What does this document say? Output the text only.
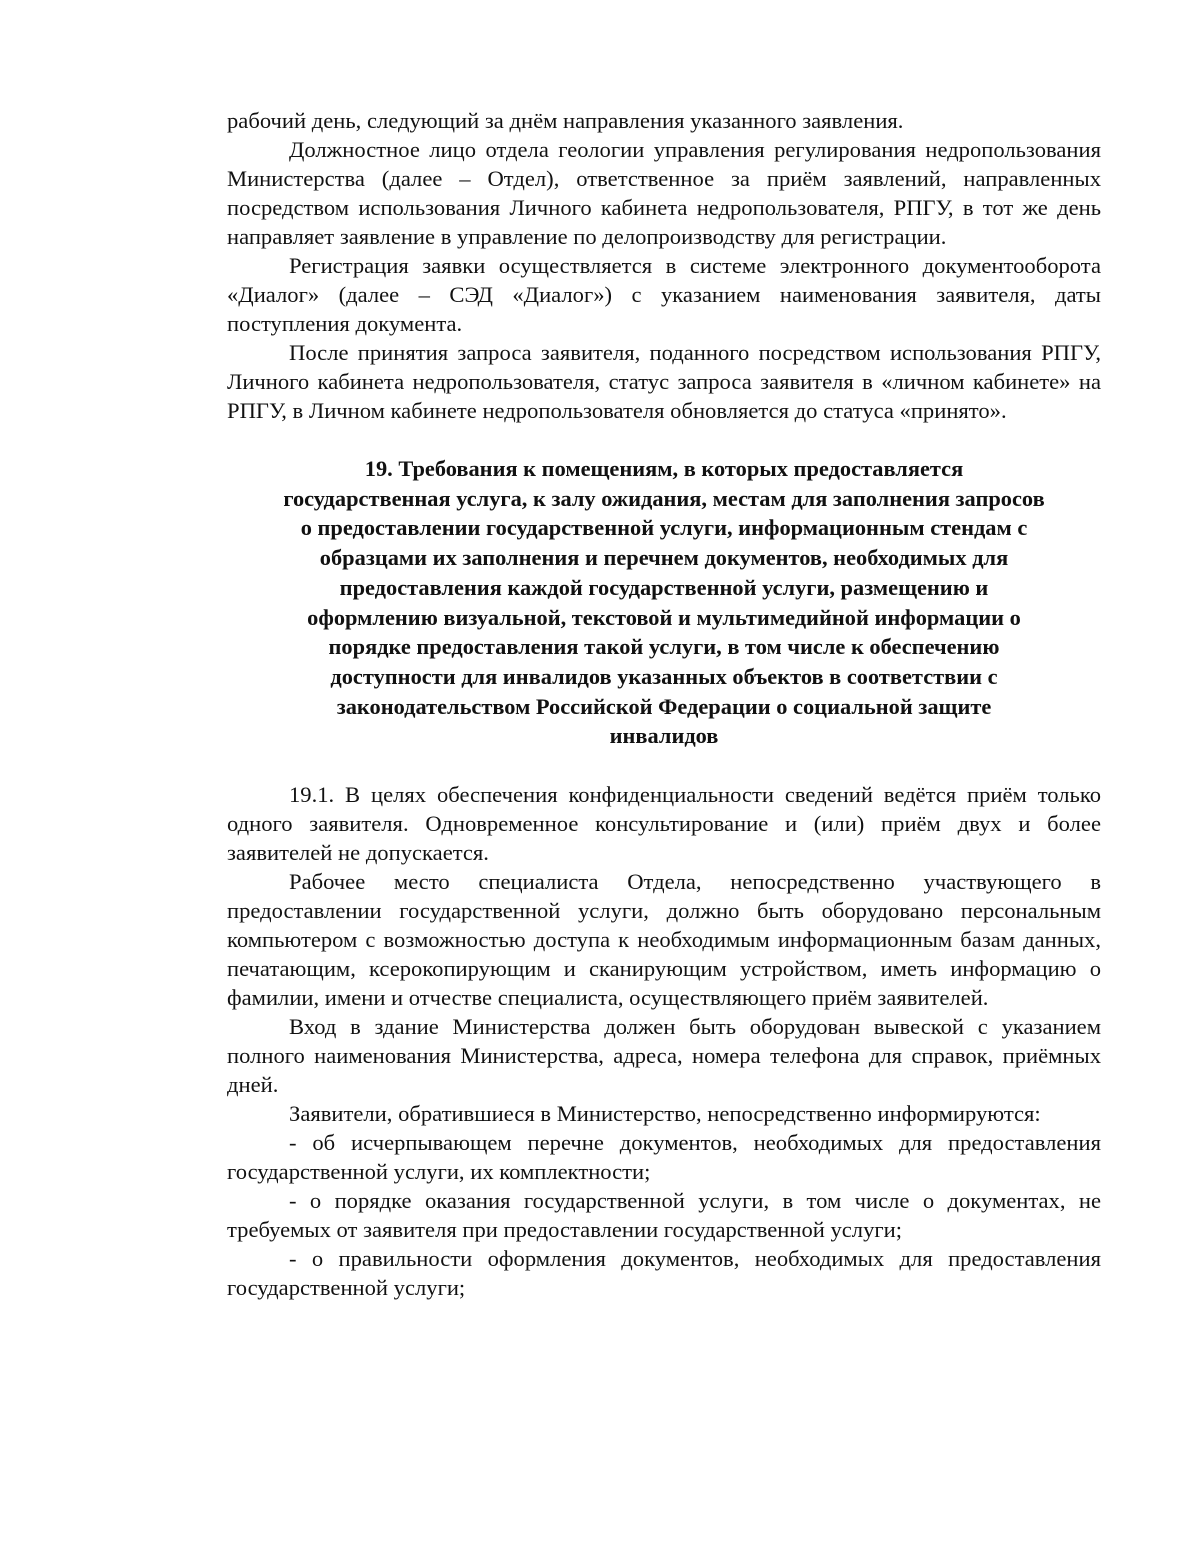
рабочий день, следующий за днём направления указанного заявления.

Должностное лицо отдела геологии управления регулирования недропользования Министерства (далее – Отдел), ответственное за приём заявлений, направленных посредством использования Личного кабинета недропользователя, РПГУ, в тот же день направляет заявление в управление по делопроизводству для регистрации.

Регистрация заявки осуществляется в системе электронного документооборота «Диалог» (далее – СЭД «Диалог») с указанием наименования заявителя, даты поступления документа.

После принятия запроса заявителя, поданного посредством использования РПГУ, Личного кабинета недропользователя, статус запроса заявителя в «личном кабинете» на РПГУ, в Личном кабинете недропользователя обновляется до статуса «принято».

19. Требования к помещениям, в которых предоставляется
государственная услуга, к залу ожидания, местам для заполнения запросов
о предоставлении государственной услуги, информационным стендам с
образцами их заполнения и перечнем документов, необходимых для
предоставления каждой государственной услуги, размещению и
оформлению визуальной, текстовой и мультимедийной информации о
порядке предоставления такой услуги, в том числе к обеспечению
доступности для инвалидов указанных объектов в соответствии с
законодательством Российской Федерации о социальной защите
инвалидов

19.1. В целях обеспечения конфиденциальности сведений ведётся приём только одного заявителя. Одновременное консультирование и (или) приём двух и более заявителей не допускается.

Рабочее место специалиста Отдела, непосредственно участвующего в предоставлении государственной услуги, должно быть оборудовано персональным компьютером с возможностью доступа к необходимым информационным базам данных, печатающим, ксерокопирующим и сканирующим устройством, иметь информацию о фамилии, имени и отчестве специалиста, осуществляющего приём заявителей.

Вход в здание Министерства должен быть оборудован вывеской с указанием полного наименования Министерства, адреса, номера телефона для справок, приёмных дней.

Заявители, обратившиеся в Министерство, непосредственно информируются:

- об исчерпывающем перечне документов, необходимых для предоставления государственной услуги, их комплектности;

- о порядке оказания государственной услуги, в том числе о документах, не требуемых от заявителя при предоставлении государственной услуги;

- о правильности оформления документов, необходимых для предоставления государственной услуги;
